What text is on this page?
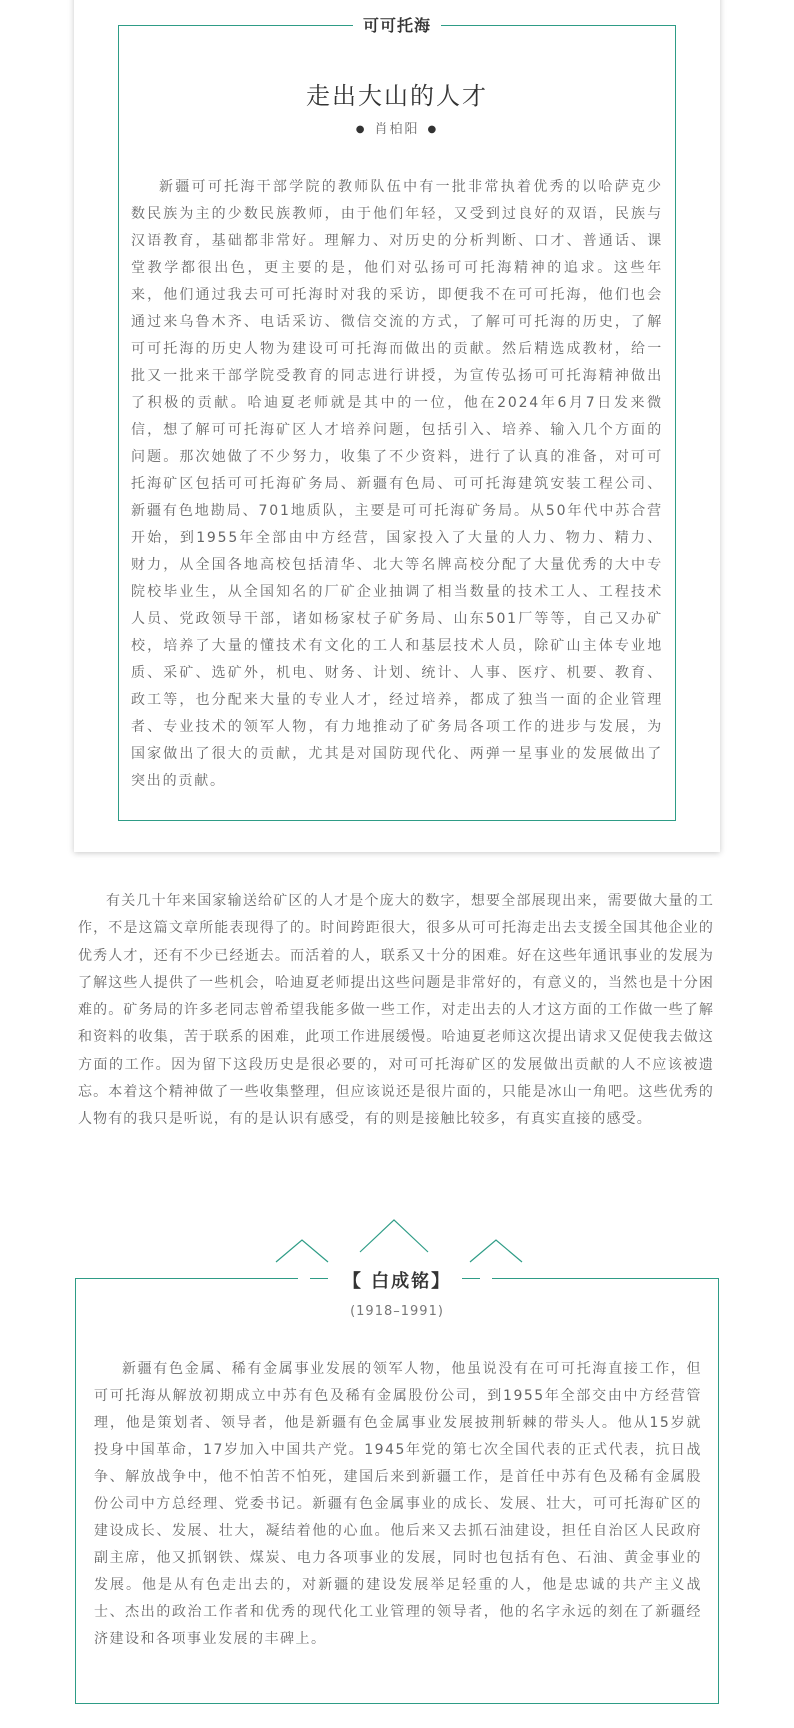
可可托海
走出大山的人才
● 肖柏阳 ●

新疆可可托海干部学院的教师队伍中有一批非常执着优秀的以哈萨克少数民族为主的少数民族教师，由于他们年轻，又受到过良好的双语，民族与汉语教育，基础都非常好。理解力、对历史的分析判断、口才、普通话、课堂教学都很出色，更主要的是，他们对弘扬可可托海精神的追求。这些年来，他们通过我去可可托海时对我的采访，即便我不在可可托海，他们也会通过来乌鲁木齐、电话采访、微信交流的方式，了解可可托海的历史，了解可可托海的历史人物为建设可可托海而做出的贡献。然后精选成教材，给一批又一批来干部学院受教育的同志进行讲授，为宣传弘扬可可托海精神做出了积极的贡献。哈迪夏老师就是其中的一位，他在2024年6月7日发来微信，想了解可可托海矿区人才培养问题，包括引入、培养、输入几个方面的问题。那次她做了不少努力，收集了不少资料，进行了认真的准备，对可可托海矿区包括可可托海矿务局、新疆有色局、可可托海建筑安装工程公司、新疆有色地勘局、701地质队，主要是可可托海矿务局。从50年代中苏合营开始，到1955年全部由中方经营，国家投入了大量的人力、物力、精力、财力，从全国各地高校包括清华、北大等名牌高校分配了大量优秀的大中专院校毕业生，从全国知名的厂矿企业抽调了相当数量的技术工人、工程技术人员、党政领导干部，诸如杨家杖子矿务局、山东501厂等等，自己又办矿校，培养了大量的懂技术有文化的工人和基层技术人员，除矿山主体专业地质、采矿、选矿外，机电、财务、计划、统计、人事、医疗、机要、教育、政工等，也分配来大量的专业人才，经过培养，都成了独当一面的企业管理者、专业技术的领军人物，有力地推动了矿务局各项工作的进步与发展，为国家做出了很大的贡献，尤其是对国防现代化、两弹一星事业的发展做出了突出的贡献。

有关几十年来国家输送给矿区的人才是个庞大的数字，想要全部展现出来，需要做大量的工作，不是这篇文章所能表现得了的。时间跨距很大，很多从可可托海走出去支援全国其他企业的优秀人才，还有不少已经逝去。而活着的人，联系又十分的困难。好在这些年通讯事业的发展为了解这些人提供了一些机会，哈迪夏老师提出这些问题是非常好的，有意义的，当然也是十分困难的。矿务局的许多老同志曾希望我能多做一些工作，对走出去的人才这方面的工作做一些了解和资料的收集，苦于联系的困难，此项工作进展缓慢。哈迪夏老师这次提出请求又促使我去做这方面的工作。因为留下这段历史是很必要的，对可可托海矿区的发展做出贡献的人不应该被遗忘。本着这个精神做了一些收集整理，但应该说还是很片面的，只能是冰山一角吧。这些优秀的人物有的我只是听说，有的是认识有感受，有的则是接触比较多，有真实直接的感受。

【 白成铭】
(1918–1991)

新疆有色金属、稀有金属事业发展的领军人物，他虽说没有在可可托海直接工作，但可可托海从解放初期成立中苏有色及稀有金属股份公司，到1955年全部交由中方经营管理，他是策划者、领导者，他是新疆有色金属事业发展披荆斩棘的带头人。他从15岁就投身中国革命，17岁加入中国共产党。1945年党的第七次全国代表的正式代表，抗日战争、解放战争中，他不怕苦不怕死，建国后来到新疆工作，是首任中苏有色及稀有金属股份公司中方总经理、党委书记。新疆有色金属事业的成长、发展、壮大，可可托海矿区的建设成长、发展、壮大，凝结着他的心血。他后来又去抓石油建设，担任自治区人民政府副主席，他又抓钢铁、煤炭、电力各项事业的发展，同时也包括有色、石油、黄金事业的发展。他是从有色走出去的，对新疆的建设发展举足轻重的人，他是忠诚的共产主义战士、杰出的政治工作者和优秀的现代化工业管理的领导者，他的名字永远的刻在了新疆经济建设和各项事业发展的丰碑上。
